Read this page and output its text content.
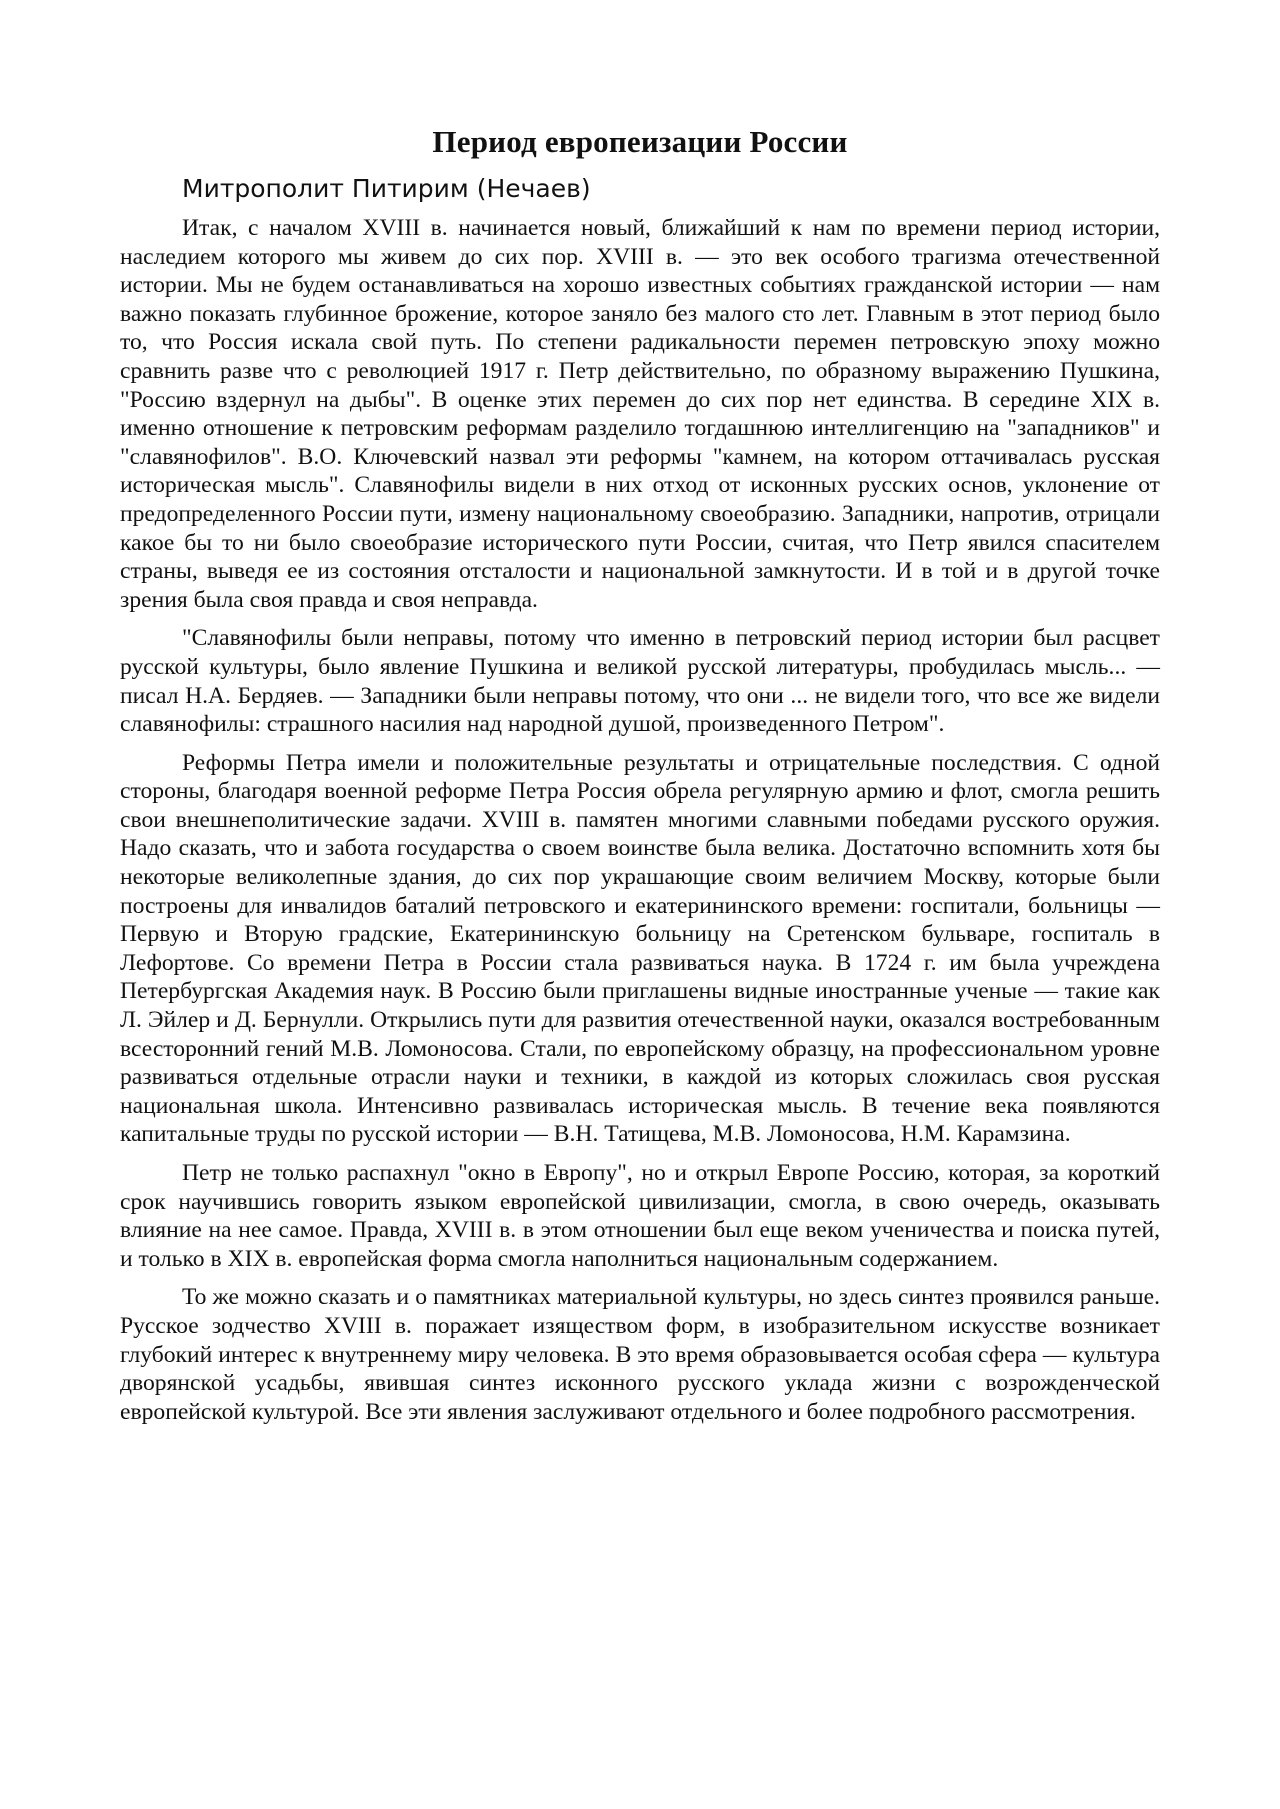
Период европеизации России
Митрополит Питирим (Нечаев)

Итак, с началом XVIII в. начинается новый, ближайший к нам по времени период истории, наследием которого мы живем до сих пор. XVIII в. — это век особого трагизма отечественной истории. Мы не будем останавливаться на хорошо известных событиях гражданской истории — нам важно показать глубинное брожение, которое заняло без малого сто лет. Главным в этот период было то, что Россия искала свой путь. По степени радикальности перемен петровскую эпоху можно сравнить разве что с революцией 1917 г. Петр действительно, по образному выражению Пушкина, "Россию вздернул на дыбы". В оценке этих перемен до сих пор нет единства. В середине XIX в. именно отношение к петровским реформам разделило тогдашнюю интеллигенцию на "западников" и "славянофилов". В.О. Ключевский назвал эти реформы "камнем, на котором оттачивалась русская историческая мысль". Славянофилы видели в них отход от исконных русских основ, уклонение от предопределенного России пути, измену национальному своеобразию. Западники, напротив, отрицали какое бы то ни было своеобразие исторического пути России, считая, что Петр явился спасителем страны, выведя ее из состояния отсталости и национальной замкнутости. И в той и в другой точке зрения была своя правда и своя неправда.

"Славянофилы были неправы, потому что именно в петровский период истории был расцвет русской культуры, было явление Пушкина и великой русской литературы, пробудилась мысль... — писал Н.А. Бердяев. — Западники были неправы потому, что они ... не видели того, что все же видели славянофилы: страшного насилия над народной душой, произведенного Петром".

Реформы Петра имели и положительные результаты и отрицательные последствия. С одной стороны, благодаря военной реформе Петра Россия обрела регулярную армию и флот, смогла решить свои внешнеполитические задачи. XVIII в. памятен многими славными победами русского оружия. Надо сказать, что и забота государства о своем воинстве была велика. Достаточно вспомнить хотя бы некоторые великолепные здания, до сих пор украшающие своим величием Москву, которые были построены для инвалидов баталий петровского и екатерининского времени: госпитали, больницы — Первую и Вторую градские, Екатерининскую больницу на Сретенском бульваре, госпиталь в Лефортове. Со времени Петра в России стала развиваться наука. В 1724 г. им была учреждена Петербургская Академия наук. В Россию были приглашены видные иностранные ученые — такие как Л. Эйлер и Д. Бернулли. Открылись пути для развития отечественной науки, оказался востребованным всесторонний гений М.В. Ломоносова. Стали, по европейскому образцу, на профессиональном уровне развиваться отдельные отрасли науки и техники, в каждой из которых сложилась своя русская национальная школа. Интенсивно развивалась историческая мысль. В течение века появляются капитальные труды по русской истории — В.Н. Татищева, М.В. Ломоносова, Н.М. Карамзина.

Петр не только распахнул "окно в Европу", но и открыл Европе Россию, которая, за короткий срок научившись говорить языком европейской цивилизации, смогла, в свою очередь, оказывать влияние на нее самое. Правда, XVIII в. в этом отношении был еще веком ученичества и поиска путей, и только в XIX в. европейская форма смогла наполниться национальным содержанием.

То же можно сказать и о памятниках материальной культуры, но здесь синтез проявился раньше. Русское зодчество XVIII в. поражает изяществом форм, в изобразительном искусстве возникает глубокий интерес к внутреннему миру человека. В это время образовывается особая сфера — культура дворянской усадьбы, явившая синтез исконного русского уклада жизни с возрожденческой европейской культурой. Все эти явления заслуживают отдельного и более подробного рассмотрения.
